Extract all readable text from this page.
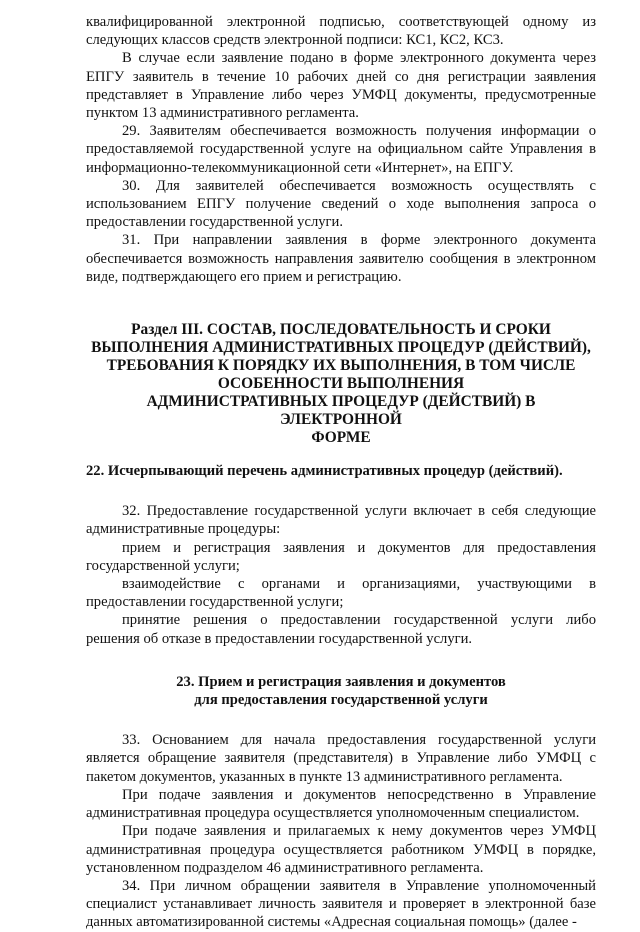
квалифицированной электронной подписью, соответствующей одному из следующих классов средств электронной подписи: КС1, КС2, КС3.

В случае если заявление подано в форме электронного документа через ЕПГУ заявитель в течение 10 рабочих дней со дня регистрации заявления представляет в Управление либо через УМФЦ документы, предусмотренные пунктом 13 административного регламента.

29. Заявителям обеспечивается возможность получения информации о предоставляемой государственной услуге на официальном сайте Управления в информационно-телекоммуникационной сети «Интернет», на ЕПГУ.

30. Для заявителей обеспечивается возможность осуществлять с использованием ЕПГУ получение сведений о ходе выполнения запроса о предоставлении государственной услуги.

31. При направлении заявления в форме электронного документа обеспечивается возможность направления заявителю сообщения в электронном виде, подтверждающего его прием и регистрацию.

Раздел III. СОСТАВ, ПОСЛЕДОВАТЕЛЬНОСТЬ И СРОКИ
ВЫПОЛНЕНИЯ АДМИНИСТРАТИВНЫХ ПРОЦЕДУР (ДЕЙСТВИЙ),
ТРЕБОВАНИЯ К ПОРЯДКУ ИХ ВЫПОЛНЕНИЯ, В ТОМ ЧИСЛЕ
ОСОБЕННОСТИ ВЫПОЛНЕНИЯ
АДМИНИСТРАТИВНЫХ ПРОЦЕДУР (ДЕЙСТВИЙ) В ЭЛЕКТРОННОЙ
ФОРМЕ

22. Исчерпывающий перечень административных процедур (действий).

32. Предоставление государственной услуги включает в себя следующие административные процедуры:

прием и регистрация заявления и документов для предоставления государственной услуги;

взаимодействие с органами и организациями, участвующими в предоставлении государственной услуги;

принятие решения о предоставлении государственной услуги либо решения об отказе в предоставлении государственной услуги.

23. Прием и регистрация заявления и документов
для предоставления государственной услуги

33. Основанием для начала предоставления государственной услуги является обращение заявителя (представителя) в Управление либо УМФЦ с пакетом документов, указанных в пункте 13 административного регламента.

При подаче заявления и документов непосредственно в Управление административная процедура осуществляется уполномоченным специалистом.

При подаче заявления и прилагаемых к нему документов через УМФЦ административная процедура осуществляется работником УМФЦ в порядке, установленном подразделом 46 административного регламента.

34. При личном обращении заявителя в Управление уполномоченный специалист устанавливает личность заявителя и проверяет в электронной базе данных автоматизированной системы «Адресная социальная помощь» (далее -
